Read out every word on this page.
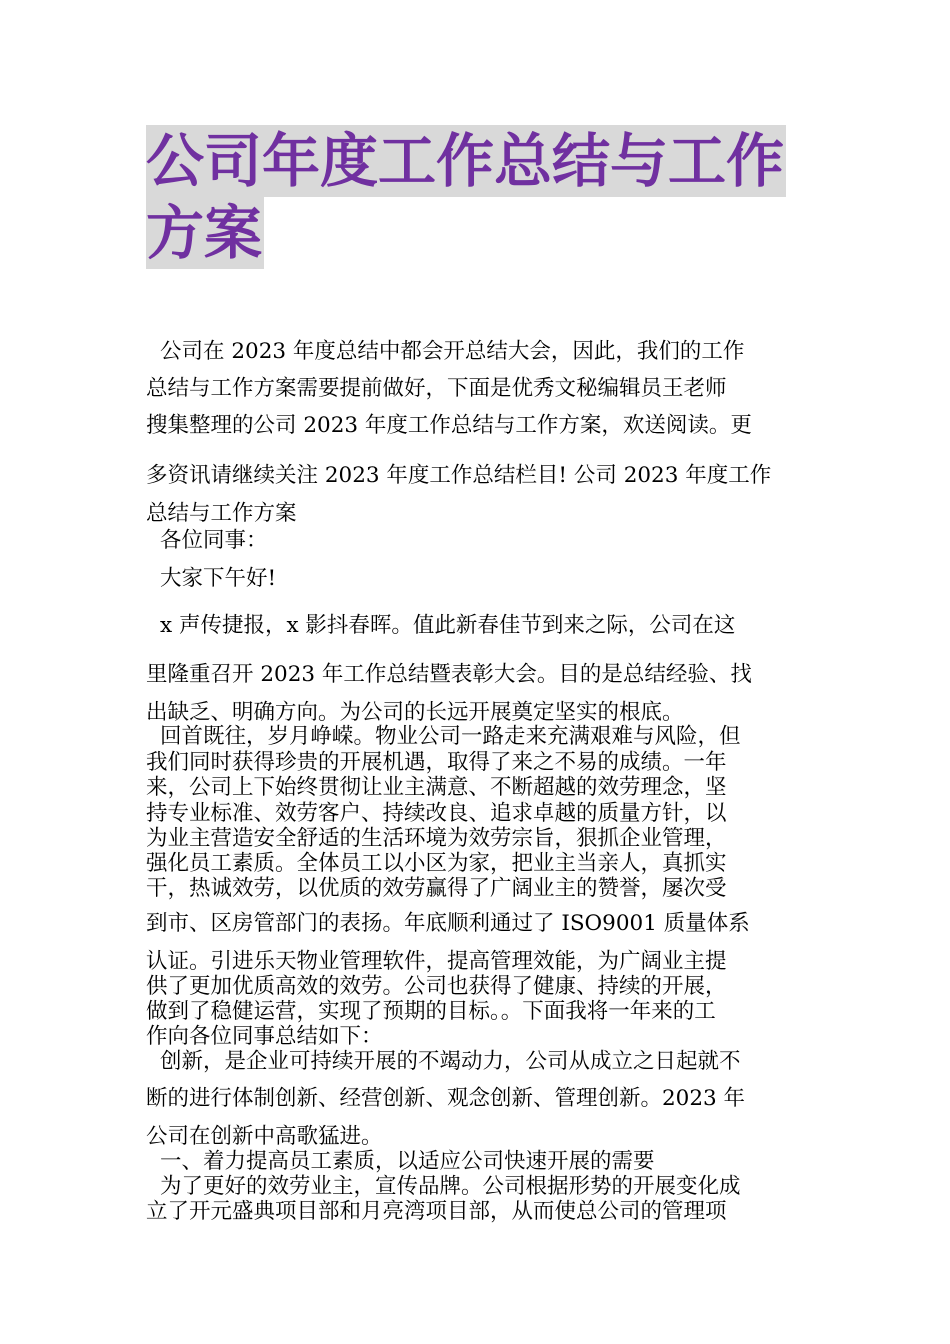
公司年度工作总结与工作
方案
公司在 2023 年度总结中都会开总结大会，因此，我们的工作
总结与工作方案需要提前做好，下面是优秀文秘编辑员王老师
搜集整理的公司 2023 年度工作总结与工作方案，欢送阅读。更
多资讯请继续关注 2023 年度工作总结栏目! 公司 2023 年度工作
总结与工作方案
各位同事：
大家下午好!
x 声传捷报，x 影抖春晖。值此新春佳节到来之际，公司在这
里隆重召开 2023 年工作总结暨表彰大会。目的是总结经验、找
出缺乏、明确方向。为公司的长远开展奠定坚实的根底。
回首既往，岁月峥嵘。物业公司一路走来充满艰难与风险，但
我们同时获得珍贵的开展机遇，取得了来之不易的成绩。一年
来，公司上下始终贯彻让业主满意、不断超越的效劳理念，坚
持专业标准、效劳客户、持续改良、追求卓越的质量方针，以
为业主营造安全舒适的生活环境为效劳宗旨，狠抓企业管理，
强化员工素质。全体员工以小区为家，把业主当亲人，真抓实
干，热诚效劳，以优质的效劳赢得了广阔业主的赞誉，屡次受
到市、区房管部门的表扬。年底顺利通过了 ISO9001 质量体系
认证。引进乐天物业管理软件，提高管理效能，为广阔业主提
供了更加优质高效的效劳。公司也获得了健康、持续的开展，
做到了稳健运营，实现了预期的目标。。下面我将一年来的工
作向各位同事总结如下：
创新，是企业可持续开展的不竭动力，公司从成立之日起就不
断的进行体制创新、经营创新、观念创新、管理创新。2023 年
公司在创新中高歌猛进。
一、着力提高员工素质，以适应公司快速开展的需要
为了更好的效劳业主，宣传品牌。公司根据形势的开展变化成
立了开元盛典项目部和月亮湾项目部，从而使总公司的管理项
